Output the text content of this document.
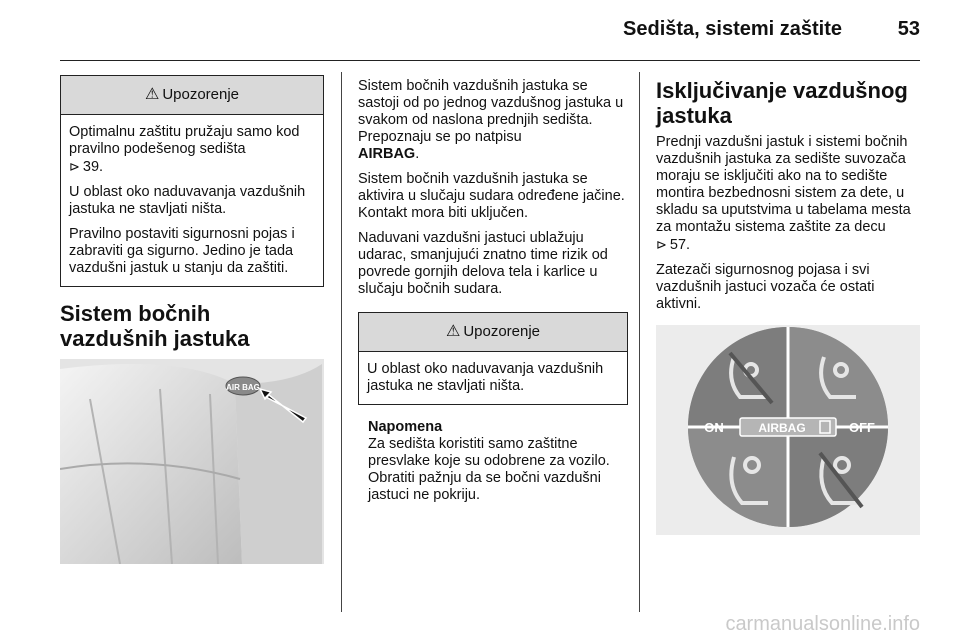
Sedišta, sistemi zaštite	53
⚠ Upozorenje

Optimalnu zaštitu pružaju samo kod pravilno podešenog sedišta
⊳ 39.

U oblast oko naduvavanja vazdušnih jastuka ne stavljati ništa.

Pravilno postaviti sigurnosni pojas i zabraviti ga sigurno. Jedino je tada vazdušni jastuk u stanju da zaštiti.

Sistem bočnih vazdušnih jastuka
AIR BAG

Sistem bočnih vazdušnih jastuka se sastoji od po jednog vazdušnog jastuka u svakom od naslona prednjih sedišta. Prepoznaju se po natpisu
AIRBAG.

Sistem bočnih vazdušnih jastuka se aktivira u slučaju sudara određene jačine. Kontakt mora biti uključen.

Naduvani vazdušni jastuci ublažuju udarac, smanjujući znatno time rizik od povrede gornjih delova tela i karlice u slučaju bočnih sudara.

⚠ Upozorenje

U oblast oko naduvavanja vazdušnih jastuka ne stavljati ništa.

Napomena
Za sedišta koristiti samo zaštitne presvlake koje su odobrene za vozilo. Obratiti pažnju da se bočni vazdušni jastuci ne pokriju.
Isključivanje vazdušnog jastuka

Prednji vazdušni jastuk i sistemi bočnih vazdušnih jastuka za sedište suvozača moraju se isključiti ako na to sedište montira bezbednosni sistem za dete, u skladu sa uputstvima u tabelama mesta za montažu sistema zaštite za decu
⊳ 57.

Zatezači sigurnosnog pojasa i svi vazdušnih jastuci vozača će ostati aktivni.

AIRBAG
ON	OFF
carmanualsonline.info
